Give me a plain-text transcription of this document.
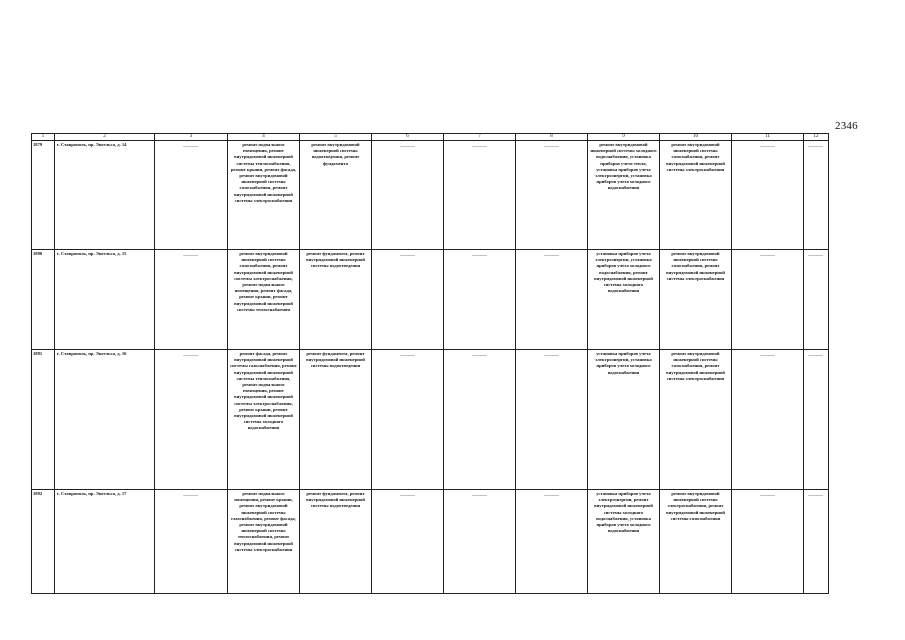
2346
1	2	3	4	5	6	7	8	9	10	11	12
1879	г. Ставрополь, пр. Энгельса, д. 14	——	ремонт подвального помещения, ремонт внутридомовой инженерной системы теплоснабжения, ремонт крыши, ремонт фасада, ремонт внутридомовой инженерной системы газоснабжения, ремонт внутридомовой инженерной системы электроснабжения	ремонт внутридомовой инженерной системы водоотведения, ремонт фундамента	——	——	——	ремонт внутридомовой инженерной системы холодного водоснабжения, установка приборов учета тепла, установка приборов учета электроэнергии, установка приборов учета холодного водоснабжения	ремонт внутридомовой инженерной системы газоснабжения, ремонт внутридомовой инженерной системы электроснабжения	——	——
1880	г. Ставрополь, пр. Энгельса, д. 15	——	ремонт внутридомовой инженерной системы газоснабжения, ремонт внутридомовой инженерной системы электроснабжения, ремонт подвального помещения, ремонт фасада, ремонт крыши, ремонт внутридомовой инженерной системы теплоснабжения	ремонт фундамента, ремонт внутридомовой инженерной системы водоотведения	——	——	——	установка приборов учета электроэнергии, установка приборов учета холодного водоснабжения, ремонт внутридомовой инженерной системы холодного водоснабжения	ремонт внутридомовой инженерной системы газоснабжения, ремонт внутридомовой инженерной системы электроснабжения	——	——
1881	г. Ставрополь, пр. Энгельса, д. 16	——	ремонт фасада, ремонт внутридомовой инженерной системы газоснабжения, ремонт внутридомовой инженерной системы теплоснабжения, ремонт подвального помещения, ремонт внутридомовой инженерной системы электроснабжения, ремонт крыши, ремонт внутридомовой инженерной системы холодного водоснабжения	ремонт фундамента, ремонт внутридомовой инженерной системы водоотведения	——	——	——	установка приборов учета электроэнергии, установка приборов учета холодного водоснабжения	ремонт внутридомовой инженерной системы газоснабжения, ремонт внутридомовой инженерной системы электроснабжения	——	——
1882	г. Ставрополь, пр. Энгельса, д. 17	——	ремонт подвального помещения, ремонт крыши, ремонт внутридомовой инженерной системы газоснабжения, ремонт фасада, ремонт внутридомовой инженерной системы теплоснабжения, ремонт внутридомовой инженерной системы электроснабжения	ремонт фундамента, ремонт внутридомовой инженерной системы водоотведения	——	——	——	установка приборов учета электроэнергии, ремонт внутридомовой инженерной системы холодного водоснабжения, установка приборов учета холодного водоснабжения	ремонт внутридомовой инженерной системы электроснабжения, ремонт внутридомовой инженерной системы газоснабжения	——	——
